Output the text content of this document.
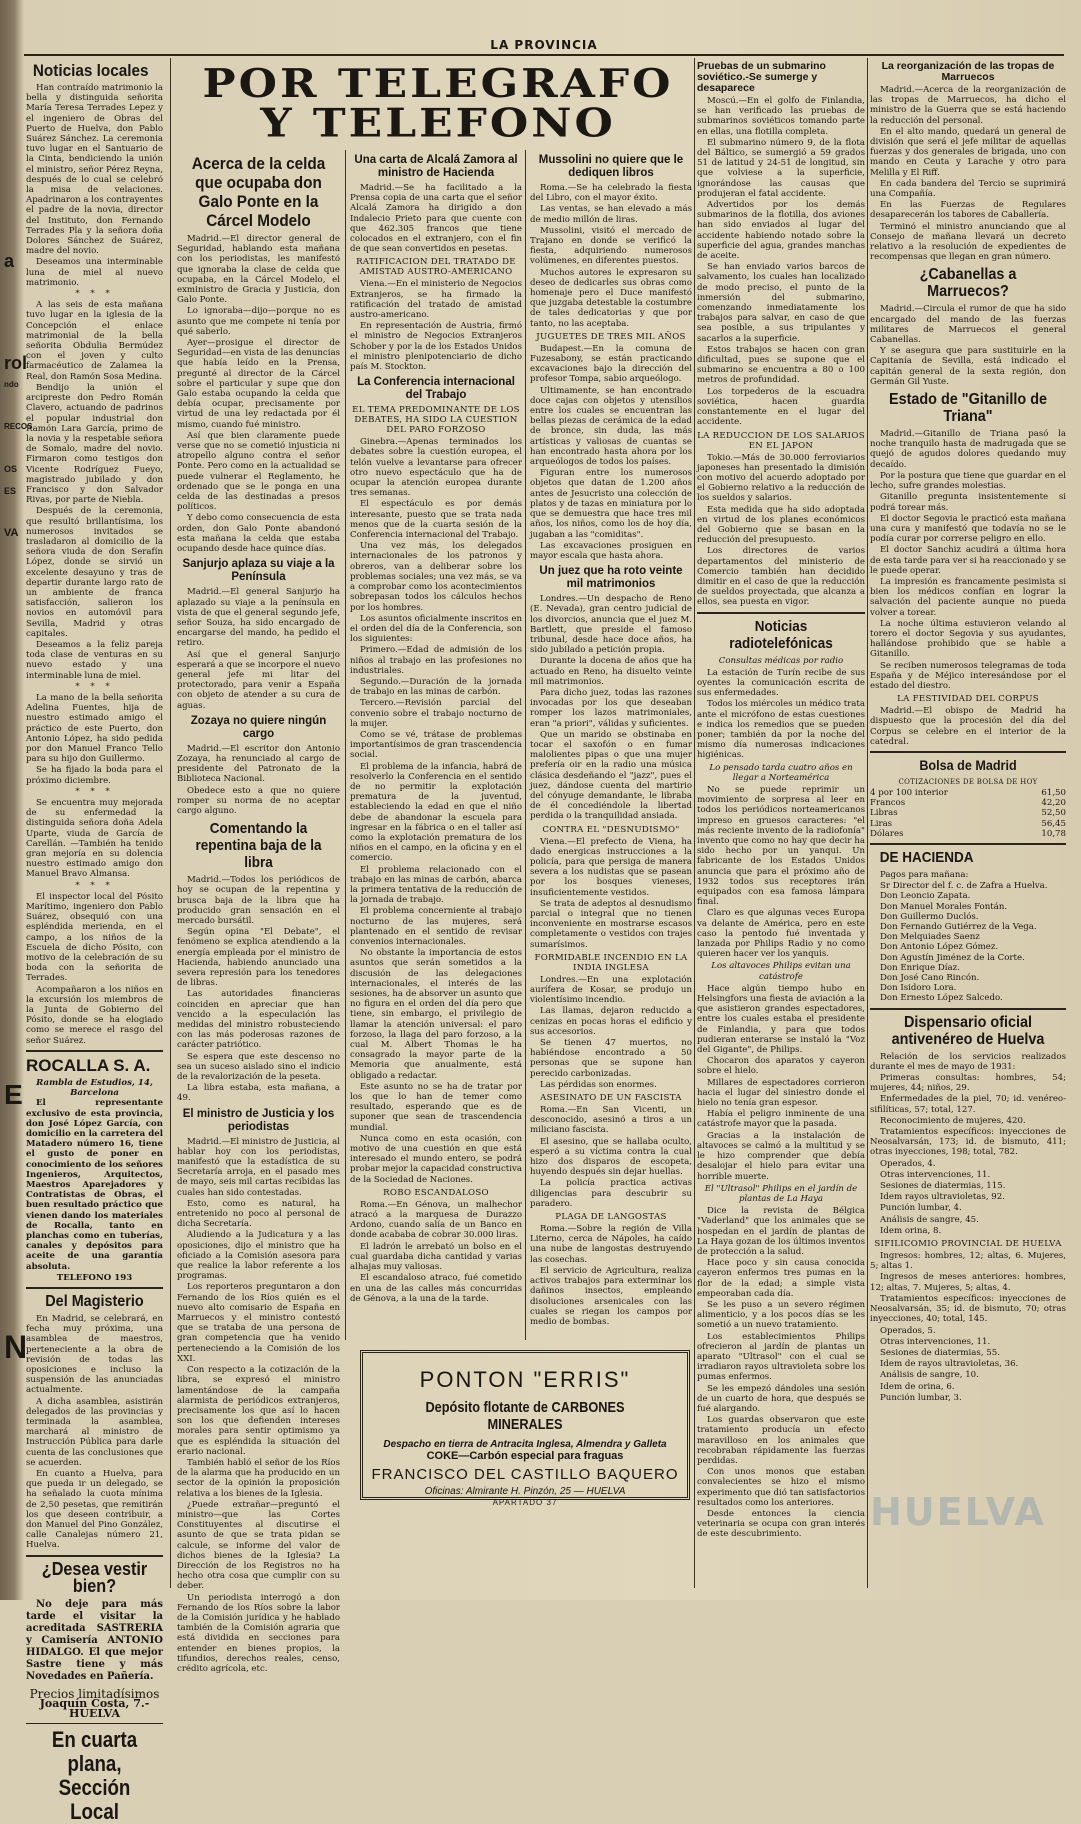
LA PROVINCIA
POR TELEGRAFO
Y TELEFONO
a
rol
ndo
RECOS
OS
ES
VA
E
N
Noticias locales

Han contraído matrimonio la bella y distinguida señorita María Teresa Terrades Lepez y el ingeniero de Obras del Puerto de Huelva, don Pablo Suárez Sánchez. La ceremonia tuvo lugar en el Santuario de la Cinta, bendiciendo la unión el ministro, señor Pérez Reyna, después de lo cual se celebró la misa de velaciones. Apadrinaron a los contrayentes el padre de la novia, director del Instituto, don Fernando Terrades Pla y la señora doña Dolores Sánchez de Suárez, madre del novio.

Deseamos una interminable luna de miel al nuevo matrimonio.

* * *

A las seis de esta mañana tuvo lugar en la iglesia de la Concepción el enlace matrimonial de la bella señorita Obdulia Bermúdez con el joven y culto farmacéutico de Zalamea la Real, don Ramón Sosa Medina.

Bendijo la unión el arcipreste don Pedro Román Clavero, actuando de padrinos el popular industrial don Ramón Lara García, primo de la novia y la respetable señora de Somalo, madre del novio. Firmaron como testigos don Vicente Rodríguez Fueyo, magistrado jubilado y don Francisco y don Salvador Rivas, por parte de Niebla.

Después de la ceremonia, que resultó brillantísima, los numerosos invitados se trasladaron al domicilio de la señora viuda de don Serafín López, donde se sirvió un excelente desayuno y tras de departir durante largo rato de un ambiente de franca satisfacción, salieron los novios en automóvil para Sevilla, Madrid y otras capitales.

Deseamos a la feliz pareja toda clase de venturas en su nuevo estado y una interminable luna de miel.

* * *

La mano de la bella señorita Adelina Fuentes, hija de nuestro estimado amigo el práctico de este Puerto, don Antonio López, ha sido pedida por don Manuel Franco Tello para su hijo don Guillermo.

Se ha fijado la boda para el próximo diciembre.

* * *

Se encuentra muy mejorada de su enfermedad la distinguida señora doña Adela Uparte, viuda de García de Carellán. —También ha tenido gran mejoría en su dolencia nuestro estimado amigo don Manuel Bravo Almansa.

* * *

El inspector local del Pósito Marítimo, ingeniero don Pablo Suárez, obsequió con una espléndida merienda, en el campo, a los niños de la Escuela de dicho Pósito, con motivo de la celebración de su boda con la señorita de Terrades.

Acompañaron a los niños en la excursión los miembros de la Junta de Gobierno del Pósito, donde se ha elogiado como se merece el rasgo del señor Suárez.

ROCALLA S. A.
Rambla de Estudios, 14, Barcelona

El representante exclusivo de esta provincia, don José López García, con domicilio en la carretera del Matadero número 16, tiene el gusto de poner en conocimiento de los señores Ingenieros, Arquitectos, Maestros Aparejadores y Contratistas de Obras, el buen resultado práctico que vienen dando los materiales de Rocalla, tanto en planchas como en tuberías, canales y depósitos para aceite de una garantía absoluta.

TELEFONO 193
Del Magisterio

En Madrid, se celebrará, en fecha muy próxima, una asamblea de maestros, perteneciente a la obra de revisión de todas las oposiciones e incluso la suspensión de las anunciadas actualmente.

A dicha asamblea, asistirán delegados de las provincias y terminada la asamblea, marchará al ministro de Instrucción Pública para darle cuenta de las conclusiones que se acuerden.

En cuanto a Huelva, para que pueda ir un delegado, se ha señalado la cuota mínima de 2,50 pesetas, que remitirán los que deseen contribuir, a don Manuel del Pino González, calle Canalejas número 21, Huelva.

¿Desea vestir bien?

No deje para más tarde el visitar la acreditada SASTRERIA y Camisería ANTONIO HIDALGO. El que mejor Sastre tiene y más Novedades en Pañería.

Precios limitadísimos
Joaquín Costa, 7.-HUELVA
En cuarta plana, Sección Local
Acerca de la celda que ocupaba don Galo Ponte en la Cárcel Modelo

Madrid.—El director general de Seguridad, hablando esta mañana con los periodistas, les manifestó que ignoraba la clase de celda que ocupaba, en la Cárcel Modelo, el exministro de Gracia y Justicia, don Galo Ponte.

Lo ignoraba—dijo—porque no es asunto que me compete ni tenía por qué saberlo.

Ayer—prosigue el director de Seguridad—en vista de las denuncias que había leído en la Prensa, pregunté al director de la Cárcel sobre el particular y supe que don Galo estaba ocupando la celda que debía ocupar, precisamente por virtud de una ley redactada por él mismo, cuando fué ministro.

Así que bien claramente puede verse que no se cometió injusticia ni atropello alguno contra el señor Ponte. Pero como en la actualidad se puede vulnerar el Reglamento, he ordenado que se le ponga en una celda de las destinadas a presos políticos.

Y debo como consecuencia de esta orden, don Galo Ponte abandonó esta mañana la celda que estaba ocupando desde hace quince días.

Sanjurjo aplaza su viaje a la Península

Madrid.—El general Sanjurjo ha aplazado su viaje a la península en vista de que el general segundo jefe, señor Souza, ha sido encargado de encargarse del mando, ha pedido el retiro.

Así que el general Sanjurjo esperará a que se incorpore el nuevo general jefe mi litar del protectorado, para venir a España con objeto de atender a su cura de aguas.

Zozaya no quiere ningún cargo

Madrid.—El escritor don Antonio Zozaya, ha renunciado al cargo de presidente del Patronato de la Biblioteca Nacional.

Obedece esto a que no quiere romper su norma de no aceptar cargo alguno.

Comentando la repentina baja de la libra

Madrid.—Todos los periódicos de hoy se ocupan de la repentina y brusca baja de la libra que ha producido gran sensación en el mercado bursátil.

Según opina "El Debate", el fenómeno se explica atendiendo a la energía empleada por el ministro de Hacienda, habiendo anunciado una severa represión para los tenedores de libras.

Las autoridades financieras coinciden en apreciar que han vencido a la especulación las medidas del ministro robusteciendo con las más poderosas razones de carácter patriótico.

Se espera que este descenso no sea un suceso aislado sino el indicio de la revalorización de la peseta.

La libra estaba, esta mañana, a 49.

El ministro de Justicia y los periodistas

Madrid.—El ministro de Justicia, al hablar hoy con los periodistas, manifestó que la estadística de su Secretaría arroja, en el pasado mes de mayo, seis mil cartas recibidas las cuales han sido contestadas.

Esto, como es natural, ha entretenido no poco al personal de dicha Secretaría.

Aludiendo a la Judicatura y a las oposiciones, dijo el ministro que ha oficiado a la Comisión asesora para que realice la labor referente a los programas.

Los reporteros preguntaron a don Fernando de los Ríos quién es el nuevo alto comisario de España en Marruecos y el ministro contestó que se trataba de una persona de gran competencia que ha venido perteneciendo a la Comisión de los XXI.

Con respecto a la cotización de la libra, se expresó el ministro lamentándose de la campaña alarmista de periódicos extranjeros, precisamente los que así lo hacen son los que defienden intereses morales para sentir optimismo ya que es espléndida la situación del erario nacional.

También habló el señor de los Ríos de la alarma que ha producido en un sector de la opinión la proposición relativa a los bienes de la Iglesia.

¿Puede extrañar—preguntó el ministro—que las Cortes Constituyentes al discutirse el asunto de que se trata pidan se calcule, se informe del valor de dichos bienes de la Iglesia? La Dirección de los Registros no ha hecho otra cosa que cumplir con su deber.

Un periodista interrogó a don Fernando de los Ríos sobre la labor de la Comisión jurídica y he hablado también de la Comisión agraria que está dividida en secciones para entender en bienes propios, la tifundios, derechos reales, censo, crédito agrícola, etc.

Una carta de Alcalá Zamora al ministro de Hacienda

Madrid.—Se ha facilitado a la Prensa copia de una carta que el señor Alcalá Zamora ha dirigido a don Indalecio Prieto para que cuente con que 462.305 francos que tiene colocados en el extranjero, con el fin de que sean convertidos en pesetas.

RATIFICACION DEL TRATADO DE AMISTAD AUSTRO-AMERICANO

Viena.—En el ministerio de Negocios Extranjeros, se ha firmado la ratificación del tratado de amistad austro-americano.

En representación de Austria, firmó el ministro de Negocios Extranjeros Schober y por la de los Estados Unidos el ministro plenipotenciario de dicho país M. Stockton.

La Conferencia internacional del Trabajo
EL TEMA PREDOMINANTE DE LOS DEBATES, HA SIDO LA CUESTION DEL PARO FORZOSO

Ginebra.—Apenas terminados los debates sobre la cuestión europea, el telón vuelve a levantarse para ofrecer otro nuevo espectáculo que ha de ocupar la atención europea durante tres semanas.

El espectáculo es por demás interesante, puesto que se trata nada menos que de la cuarta sesión de la Conferencia internacional del Trabajo.

Una vez más, los delegados internacionales de los patronos y obreros, van a deliberar sobre los problemas sociales; una vez más, se va a comprobar como los acontecimientos sobrepasan todos los cálculos hechos por los hombres.

Los asuntos oficialmente inscritos en el orden del día de la Conferencia, son los siguientes:

Primero.—Edad de admisión de los niños al trabajo en las profesiones no industriales.

Segundo.—Duración de la jornada de trabajo en las minas de carbón.

Tercero.—Revisión parcial del convenio sobre el trabajo nocturno de la mujer.

Como se vé, trátase de problemas importantísimos de gran trascendencia social.

El problema de la infancia, habrá de resolverlo la Conferencia en el sentido de no permitir la explotación prematura de la juventud, estableciendo la edad en que el niño debe de abandonar la escuela para ingresar en la fábrica o en el taller así como la explotación prematura de los niños en el campo, en la oficina y en el comercio.

El problema relacionado con el trabajo en las minas de carbón, abarca la primera tentativa de la reducción de la jornada de trabajo.

El problema concerniente al trabajo nocturno de las mujeres, será plantenado en el sentido de revisar convenios internacionales.

No obstante la importancia de estos asuntos que serán sometidos a la discusión de las delegaciones internacionales, el interés de las sesiones, ha de absorver un asunto que no figura en el orden del día pero que tiene, sin embargo, el privilegio de llamar la atención universal: el paro forzoso, la llaga del paro forzoso, a la cual M. Albert Thomas le ha consagrado la mayor parte de la Memoria que anualmente, está obligado a redactar.

Este asunto no se ha de tratar por los que lo han de temer como resultado, esperando que es de suponer que sean de trascendencia mundial.

Nunca como en esta ocasión, con motivo de una cuestión en que está interesado el mundo entero, se podrá probar mejor la capacidad constructiva de la Sociedad de Naciones.

ROBO ESCANDALOSO

Roma.—En Génova, un malhechor atracó a la marquesa de Durazzo Ardono, cuando salía de un Banco en donde acababa de cobrar 30.000 liras.

El ladrón le arrebató un bolso en el cual guardaba dicha cantidad y varias alhajas muy valiosas.

El escandaloso atraco, fué cometido en una de las calles más concurridas de Génova, a la una de la tarde.

Mussolini no quiere que le dediquen libros

Roma.—Se ha celebrado la fiesta del Libro, con el mayor éxito.

Las ventas, se han elevado a más de medio millón de liras.

Mussolini, visitó el mercado de Trajano en donde se verificó la fiesta, adquiriendo numerosos volúmenes, en diferentes puestos.

Muchos autores le expresaron su deseo de dedicarles sus obras como homenaje pero el Duce manifestó que juzgaba detestable la costumbre de tales dedicatorias y que por tanto, no las aceptaba.

JUGUETES DE TRES MIL AÑOS

Budapest.—En la comuna de Fuzesabony, se están practicando excavaciones bajo la dirección del profesor Tompa, sabio arqueólogo.

Ultimamente, se han encontrado doce cajas con objetos y utensilios entre los cuales se encuentran las bellas piezas de cerámica de la edad de bronce, sin duda, las más artísticas y valiosas de cuantas se han encontrado hasta ahora por los arqueólogos de todos los países.

Figuran entre los numerosos objetos que datan de 1.200 años antes de Jesucristo una colección de platos y de tazas en miniatura por lo que se demuestra que hace tres mil años, los niños, como los de hoy día, jugaban a las "comiditas".

Las excavaciones prosiguen en mayor escala que hasta ahora.

Un juez que ha roto veinte mil matrimonios

Londres.—Un despacho de Reno (E. Nevada), gran centro judicial de los divorcios, anuncia que el juez M. Bartlett, que preside el famoso tribunal, desde hace doce años, ha sido jubilado a petición propia.

Durante la docena de años que ha actuado en Reno, ha disuelto veinte mil matrimonios.

Para dicho juez, todas las razones invocadas por los que deseaban romper los lazos matrimoniales, eran "a priori", válidas y suficientes.

Que un marido se obstinaba en tocar el saxofón o en fumar malolientes pipas o que una mujer prefería oir en la radio una música clásica desdeñando el "jazz", pues el juez, dándose cuenta del martirio del cónyuge demandante, le libraba de él concediéndole la libertad perdida o la tranquilidad ansiada.

CONTRA EL "DESNUDISMO"

Viena.—El prefecto de Viena, ha dado energicas instrucciones a la policía, para que persiga de manera severa a los nudistas que se pasean por los bosques vieneses, insuficientemente vestidos.

Se trata de adeptos al desnudismo parcial o integral que no tienen inconveniente en mostrarse escasos completamente o vestidos con trajes sumarísimos.

FORMIDABLE INCENDIO EN LA INDIA INGLESA

Londres.—En una explotación aurífera de Kosar, se produjo un violentísimo incendio.

Las llamas, dejaron reducido a cenizas en pocas horas el edificio y sus accesorios.

Se tienen 47 muertos, no habiéndose encontrado a 50 personas que se supone han perecido carbonizadas.

Las pérdidas son enormes.

ASESINATO DE UN FASCISTA

Roma.—En San Vicenti, un desconocido, asesinó a tiros a un miliciano fascista.

El asesino, que se hallaba oculto, esperó a su víctima contra la cual hizo dos disparos de escopeta, huyendo después sin dejar huellas.

La policía practica activas diligencias para descubrir su paradero.

PLAGA DE LANGOSTAS

Roma.—Sobre la región de Villa Literno, cerca de Nápoles, ha caído una nube de langostas destruyendo las cosechas.

El servicio de Agricultura, realiza activos trabajos para exterminar los dañinos insectos, empleando disoluciones arsenicales con las cuales se riegan los campos por medio de bombas.

Pruebas de un submarino soviético.-Se sumerge y desaparece

Moscú.—En el golfo de Finlandia, se han verificado las pruebas de submarinos soviéticos tomando parte en ellas, una flotilla completa.

El submarino número 9, de la flota del Báltico, se sumergió a 59 grados 51 de latitud y 24-51 de longitud, sin que volviese a la superficie, ignorándose las causas que produjeran el fatal accidente.

Advertidos por los demás submarinos de la flotilla, dos aviones han sido enviados al lugar del accidente habiendo notado sobre la superficie del agua, grandes manchas de aceite.

Se han enviado varios barcos de salvamento, los cuales han localizado de modo preciso, el punto de la inmersión del submarino, comenzando inmediatamente los trabajos para salvar, en caso de que sea posible, a sus tripulantes y sacarlos a la superficie.

Estos trabajos se hacen con gran dificultad, pues se supone que el submarino se encuentra a 80 o 100 metros de profundidad.

Los torpederos de la escuadra soviética, hacen guardia constantemente en el lugar del accidente.

LA REDUCCION DE LOS SALARIOS EN EL JAPON

Tokio.—Más de 30.000 ferroviarios japoneses han presentado la dimisión con motivo del acuerdo adoptado por el Gobierno relativo a la reducción de los sueldos y salarios.

Esta medida que ha sido adoptada en virtud de los planes económicos del Gobierno que se basan en la reducción del presupuesto.

Los directores de varios departamentos del ministerio de Comercio también han decidido dimitir en el caso de que la reducción de sueldos proyectada, que alcanza a ellos, sea puesta en vigor.

Noticias radiotelefónicas
Consultas médicas por radio

La estación de Turín recibe de sus oyentes la comunicación escrita de sus enfermedades.

Todos los miércoles un médico trata ante el micrófono de estas cuestiones e indica los remedios que se pueden poner; también da por la noche del mismo día numerosas indicaciones higiénicas.

Lo pensado tarda cuatro años en llegar a Norteamérica

No se puede reprimir un movimiento de sorpresa al leer en todos los periódicos norteamericanos impreso en gruesos caracteres: "el más reciente invento de la radiofonía" invento que como no hay que decir ha sido hecho por un yanqui. Un fabricante de los Estados Unidos anuncia que para el próximo año de 1932 todos sus receptores irán equipados con esa famosa lámpara final.

Claro es que algunas veces Europa va delante de América, pero en este caso la pentodo fué inventada y lanzada por Philips Radio y no como quieren hacer ver los yanquis.

Los altavoces Philips evitan una catástrofe

Hace algún tiempo hubo en Helsingfors una fiesta de aviación a la que asistieron grandes espectadores, entre los cuales estaba el presidente de Finlandia, y para que todos pudieran enterarse se instaló la "Voz del Gigante", de Philips.

Chocaron dos aparatos y cayeron sobre el hielo.

Millares de espectadores corrieron hacia el lugar del siniestro donde el hielo no tenía gran espesor.

Había el peligro inminente de una catástrofe mayor que la pasada.

Gracias a la instalación de altavoces se calmó a la multitud y se le hizo comprender que debía desalojar el hielo para evitar una horrible muerte.

El "Ultrasol" Philips en el jardín de plantas de La Haya

Dice la revista de Bélgica "Vaderland" que los animales que se hospedan en el jardín de plantas de La Haya gozan de los últimos inventos de protección a la salud.

Hace poco y sin causa conocida cayeron enfermos tres pumas en la flor de la edad; a simple vista empeoraban cada día.

Se les puso a un severo régimen alimenticio, y a los pocos días se les sometió a un nuevo tratamiento.

Los establecimientos Philips ofrecieron al jardín de plantas un aparato "Ultrasol" con el cual se irradiaron rayos ultravioleta sobre los pumas enfermos.

Se les empezó dándoles una sesión de un cuarto de hora, que después se fué alargando.

Los guardas observaron que este tratamiento producía un efecto maravilloso en los animales que recobraban rápidamente las fuerzas perdidas.

Con unos monos que estaban convalecientes se hizo el mismo experimento que dió tan satisfactorios resultados como los anteriores.

Desde entonces la ciencia veterinaria se ocupa con gran interés de este descubrimiento.

La reorganización de las tropas de Marruecos

Madrid.—Acerca de la reorganización de las tropas de Marruecos, ha dicho el ministro de la Guerra que se está haciendo la reducción del personal.

En el alto mando, quedará un general de división que será el jefe militar de aquellas fuerzas y dos generales de brigada, uno con mando en Ceuta y Larache y otro para Melilla y El Riff.

En cada bandera del Tercio se suprimirá una Compañía.

En las Fuerzas de Regulares desaparecerán los tabores de Caballería.

Terminó el ministro anunciando que al Consejo de mañana llevará un decreto relativo a la resolución de expedientes de recompensas que llegan en gran número.

¿Cabanellas a Marruecos?

Madrid.—Circula el rumor de que ha sido encargado del mando de las fuerzas militares de Marruecos el general Cabanellas.

Y se asegura que para sustituirle en la Capitanía de Sevilla, está indicado el capitán general de la sexta región, don Germán Gil Yuste.

Estado de "Gitanillo de Triana"

Madrid.—Gitanillo de Triana pasó la noche tranquilo hasta de madrugada que se quejó de agudos dolores quedando muy decaído.

Por la postura que tiene que guardar en el lecho, sufre grandes molestias.

Gitanillo pregunta insistentemente si podrá torear más.

El doctor Segovia le practicó esta mañana una cura y manifestó que todavía no se le podía curar por correrse peligro en ello.

El doctor Sanchiz acudirá a última hora de esta tarde para ver si ha reaccionado y se le puede operar.

La impresión es francamente pesimista si bien los médicos confían en lograr la salvación del paciente aunque no pueda volver a torear.

La noche última estuvieron velando al torero el doctor Segovia y sus ayudantes, hallándose prohibido que se hable a Gitanillo.

Se reciben numerosos telegramas de toda España y de Méjico interesándose por el estado del diestro.

LA FESTIVIDAD DEL CORPUS

Madrid.—El obispo de Madrid ha dispuesto que la procesión del día del Corpus se celebre en el interior de la catedral.

Bolsa de Madrid
COTIZACIONES DE BOLSA DE HOY
4 por 100 interior	61,50
Francos	42,20
Libras	52,50
Liras	56,45
Dólares	10,78
DE HACIENDA

Pagos para mañana:

Sr Director del f. c. de Zafra a Huelva.
Don Leoncio Zapata.
Don Manuel Morales Fontán.
Don Guillermo Duclós.
Don Fernando Gutiérrez de la Vega.
Don Melquiades Saenz
Don Antonio López Gómez.
Don Agustín Jiménez de la Corte.
Don Enrique Díaz.
Don José Cano Rincón.
Don Isidoro Lora.
Don Ernesto López Salcedo.
Dispensario oficial antivenéreo de Huelva

Relación de los servicios realizados durante el mes de mayo de 1931:

Primeras consultas: hombres, 54; mujeres, 44; niños, 29.

Enfermedades de la piel, 70; id. venéreo-sifilíticas, 57; total, 127.

Reconocimiento de mujeres, 420.

Tratamientos específicos: inyecciones de Neosalvarsán, 173; id. de bismuto, 411; otras inyecciones, 198; total, 782.

Operados, 4.

Otras intervenciones, 11.

Sesiones de diatermias, 115.

Idem rayos ultravioletas, 92.

Punción lumbar, 4.

Análisis de sangre, 45.

Idem orina, 8.

SIFILICOMIO PROVINCIAL DE HUELVA

Ingresos: hombres, 12; altas, 6. Mujeres, 5; altas 1.

Ingresos de meses anteriores: hombres, 12; altas, 7. Mujeres, 5; altas, 4.

Tratamientos específicos: inyecciones de Neosalvarsán, 35; id. de bismuto, 70; otras inyecciones, 40; total, 145.

Operados, 5.

Otras intervenciones, 11.

Sesiones de diatermias, 55.

Idem de rayos ultravioletas, 36.

Análisis de sangre, 10.

Idem de orina, 6.

Punción lumbar, 3.

PONTON "ERRIS"
Depósito flotante de CARBONES MINERALES
Despacho en tierra de Antracita Inglesa, Almendra y Galleta
COKE—Carbón especial para fraguas
FRANCISCO DEL CASTILLO BAQUERO
Oficinas: Almirante H. Pinzón, 25 — HUELVA
APARTADO 37	HUELVA
